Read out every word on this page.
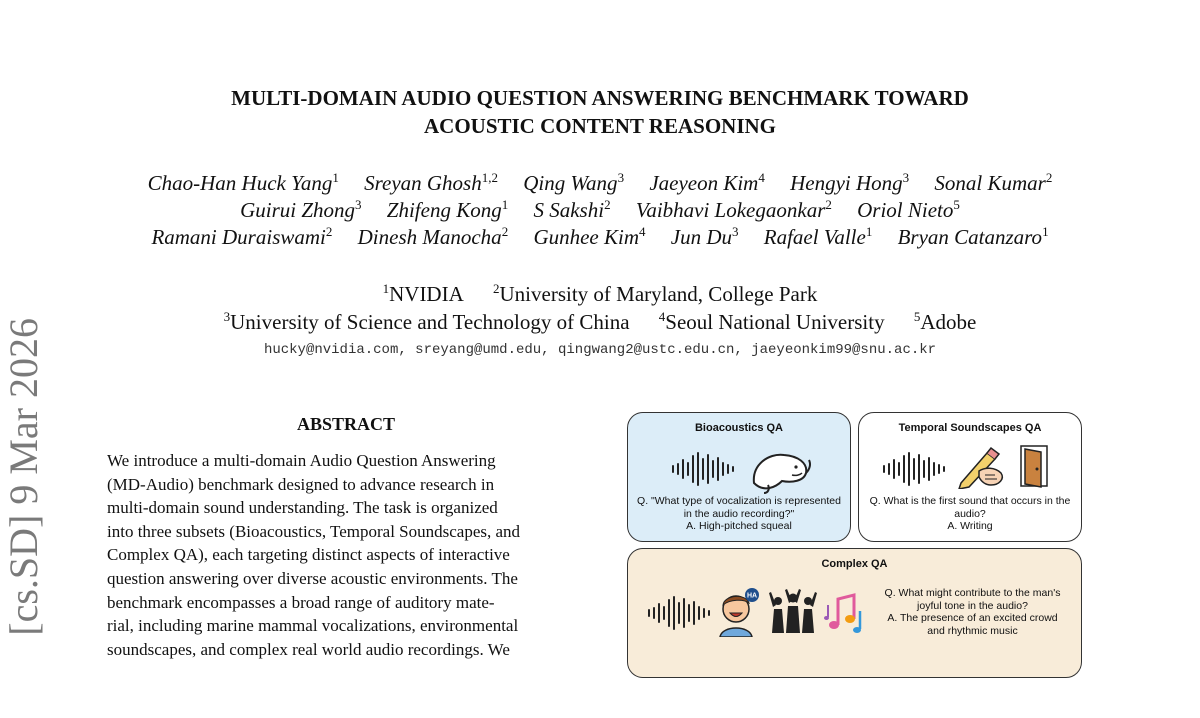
[cs.SD] 9 Mar 2026
MULTI-DOMAIN AUDIO QUESTION ANSWERING BENCHMARK TOWARD
ACOUSTIC CONTENT REASONING
Chao-Han Huck Yang$^1$ Sreyan Ghosh$^{1,2}$ Qing Wang$^3$ Jaeyeon Kim$^4$ Hengyi Hong$^3$ Sonal Kumar$^2$
Guirui Zhong$^3$ Zhifeng Kong$^1$ S Sakshi$^2$ Vaibhavi Lokegaonkar$^2$ Oriol Nieto$^5$
Ramani Duraiswami$^2$ Dinesh Manocha$^2$ Gunhee Kim$^4$ Jun Du$^3$ Rafael Valle$^1$ Bryan Catanzaro$^1$
$^1$NVIDIA $^2$University of Maryland, College Park
$^3$University of Science and Technology of China $^4$Seoul National University $^5$Adobe
hucky@nvidia.com, sreyang@umd.edu, qingwang2@ustc.edu.cn, jaeyeonkim99@snu.ac.kr
ABSTRACT

We introduce a multi-domain Audio Question Answering

(MD-Audio) benchmark designed to advance research in

multi-domain sound understanding. The task is organized

into three subsets (Bioacoustics, Temporal Soundscapes, and

Complex QA), each targeting distinct aspects of interactive

question answering over diverse acoustic environments. The

benchmark encompasses a broad range of auditory mate-

rial, including marine mammal vocalizations, environmental

soundscapes, and complex real world audio recordings. We

Bioacoustics QA
Q. "What type of vocalization is represented in the audio recording?"
A. High-pitched squeal
Temporal Soundscapes QA
Q. What is the first sound that occurs in the audio?
A. Writing
Complex QA
HA	Q. What might contribute to the man's joyful tone in the audio?
A. The presence of an excited crowd and rhythmic music
